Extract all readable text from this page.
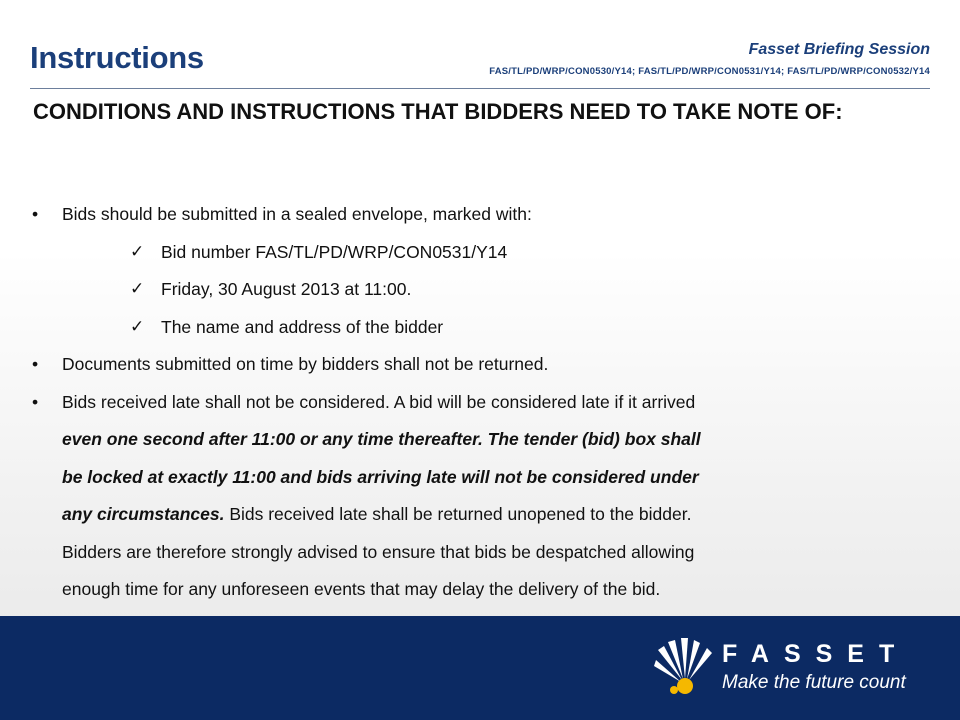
Instructions	Fasset Briefing Session
FAS/TL/PD/WRP/CON0530/Y14; FAS/TL/PD/WRP/CON0531/Y14; FAS/TL/PD/WRP/CON0532/Y14
CONDITIONS AND INSTRUCTIONS THAT BIDDERS NEED TO TAKE NOTE OF:
• Bids should be submitted in a sealed envelope, marked with:
✓ Bid number FAS/TL/PD/WRP/CON0531/Y14
✓ Friday, 30 August 2013 at 11:00.
✓ The name and address of the bidder
• Documents submitted on time by bidders shall not be returned.
• Bids received late shall not be considered. A bid will be considered late if it arrived
even one second after 11:00 or any time thereafter. The tender (bid) box shall
be locked at exactly 11:00 and bids arriving late will not be considered under
any circumstances. Bids received late shall be returned unopened to the bidder.
Bidders are therefore strongly advised to ensure that bids be despatched allowing
enough time for any unforeseen events that may delay the delivery of the bid.
FASSET
Make the future count
